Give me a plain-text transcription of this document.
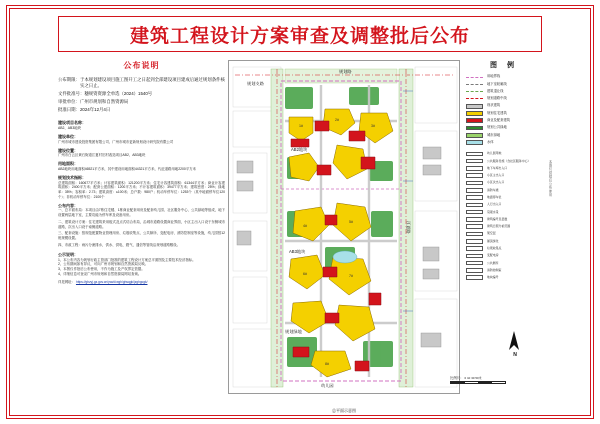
建筑工程设计方案审查及调整批后公布
公布说明
公布期限： 于本规划建设项目施工图开工之日起到全部建设项目建成后通过规划条件核实之日止。
文件批准号： 穗规资资源全单选（2024）1540号
审批单位： 广州市规划和自然资源局
批准日期： 2024年12月4日
建设项目名称：
AB2、AB3地块
建设单位：
广州市城市建设投资集团有限公司、广州市城市更新规划设计研究院有限公司
建设位置：
广州市白云区黄石街道江夏村旧村改造项目AB2、AB3地块
用地面积：
AB2地块用地面积46521平方米，其中建设用地面积44321平方米，代征道路用地2200平方米
规划技术指标：
总建筑面积：160677平方米；计容建筑面积：121200平方米；住宅计容建筑面积：61344平方米；商业计容建筑面积：2400平方米；配套公建面积：1200平方米；不计容建筑面积：39477平方米；建筑密度：25%；绿地率：35%；容积率：2.73；建筑高度：≤100米；总户数：980户；机动车停车位：1253个（其中地面停车位120个）；非机动车停车位：2100个
公布内容：
一、总平面布局：本项目由7栋住宅楼、1栋商业配套用房及配套幼儿园、社区服务中心、公共绿地等组成，地下设置两层地下室，主要功能为停车库及设备用房。
二、建筑设计方案：住宅建筑采用板式及点式结合布局，沿城市道路设置商业界面，小区主出入口设于东侧城市道路，次出入口设于南侧道路。
三、配套设施：按规范配置物业管理用房、垃圾收集点、公共厕所、变配电房、消防控制室等设施，幼儿园按12班规模设置。
四、市政工程：雨污分流排水，供水、供电、燃气、通信等管线沿规划道路敷设。
公示说明：
1、本公布内容为规划行政主管部门批准的建筑工程设计方案总平面图及主要技术经济指标。
2、公布期间如有异议，可向广州市规划和自然资源局反映。
3、本图仅作批后公布使用，不作为施工及产权界定依据。
4、详细信息可登录广州市规划和自然资源局网站查询。
详见网址： https://ghzyj.gz.gov.cn/ywzl/cxgh/ghsqgk/jzghgcgk/
规划支路
规划路
AB2地块
AB3地块
江夏路
规划绿地
幼儿园
1#
2#
3#
4#
5#
6#	7#
8#
总平面示意图
图 例
用地界线
地下室轮廓线
建筑退让线
规划道路中线
现状建筑
规划住宅建筑
商业及配套建筑
规划公共绿地
城市绿地
水体
幼儿园用地
公共服务设施（含社区服务中心）
地下车库出入口
小区主出入口
小区次出入口
消防车道
地面停车位
人行出入口
景观水景
建筑编号及层数
建筑日照分析范围
架空层
屋顶绿化
垃圾收集点
变配电房
公共厕所
消防控制室
地块编号
N
比例尺： 0 10 30 50米
本图仅供批后公布使用
